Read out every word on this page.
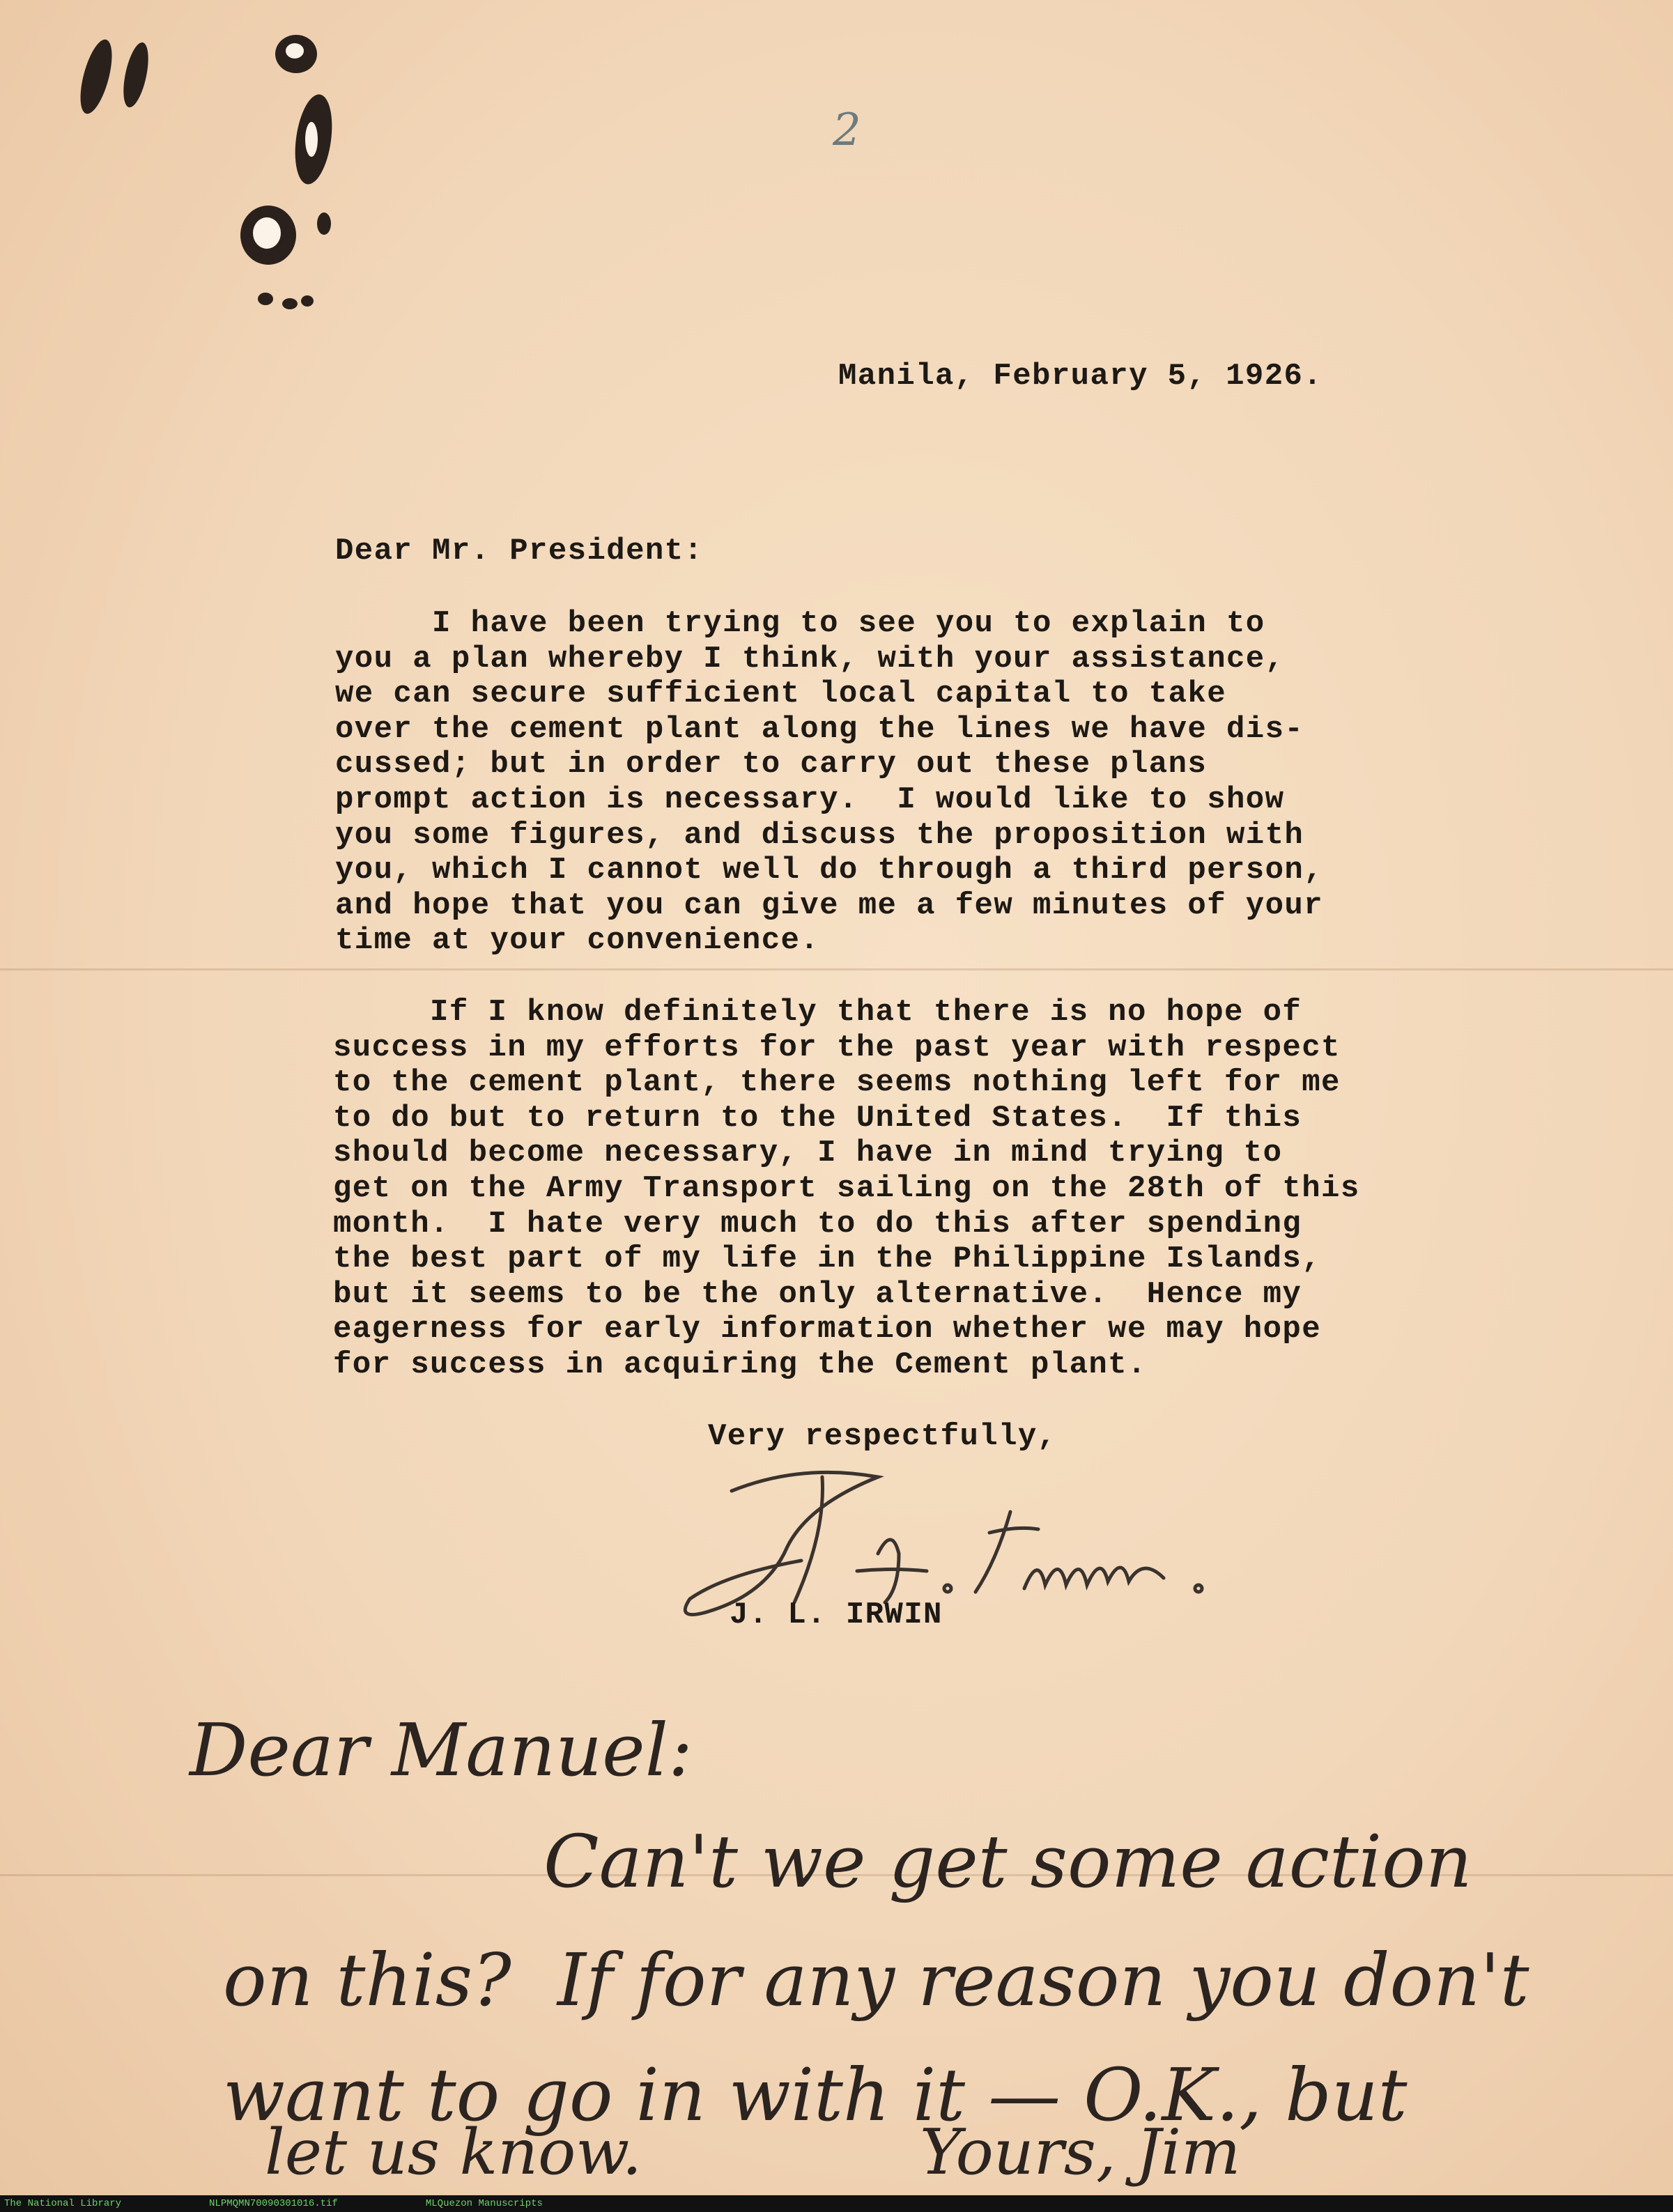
2
Manila, February 5, 1926.
Dear Mr. President:
I have been trying to see you to explain to
you a plan whereby I think, with your assistance,
we can secure sufficient local capital to take
over the cement plant along the lines we have dis-
cussed; but in order to carry out these plans
prompt action is necessary.  I would like to show
you some figures, and discuss the proposition with
you, which I cannot well do through a third person,
and hope that you can give me a few minutes of your
time at your convenience.
If I know definitely that there is no hope of
success in my efforts for the past year with respect
to the cement plant, there seems nothing left for me
to do but to return to the United States.  If this
should become necessary, I have in mind trying to
get on the Army Transport sailing on the 28th of this
month.  I hate very much to do this after spending
the best part of my life in the Philippine Islands,
but it seems to be the only alternative.  Hence my
eagerness for early information whether we may hope
for success in acquiring the Cement plant.
Very respectfully,
J. L. IRWIN
Dear Manuel:
Can't we get some action
on this?  If for any reason you don't
want to go in with it — O.K., but

let us know.	Yours, Jim
The National Library	NLPMQMN70090301016.tif	MLQuezon Manuscripts
